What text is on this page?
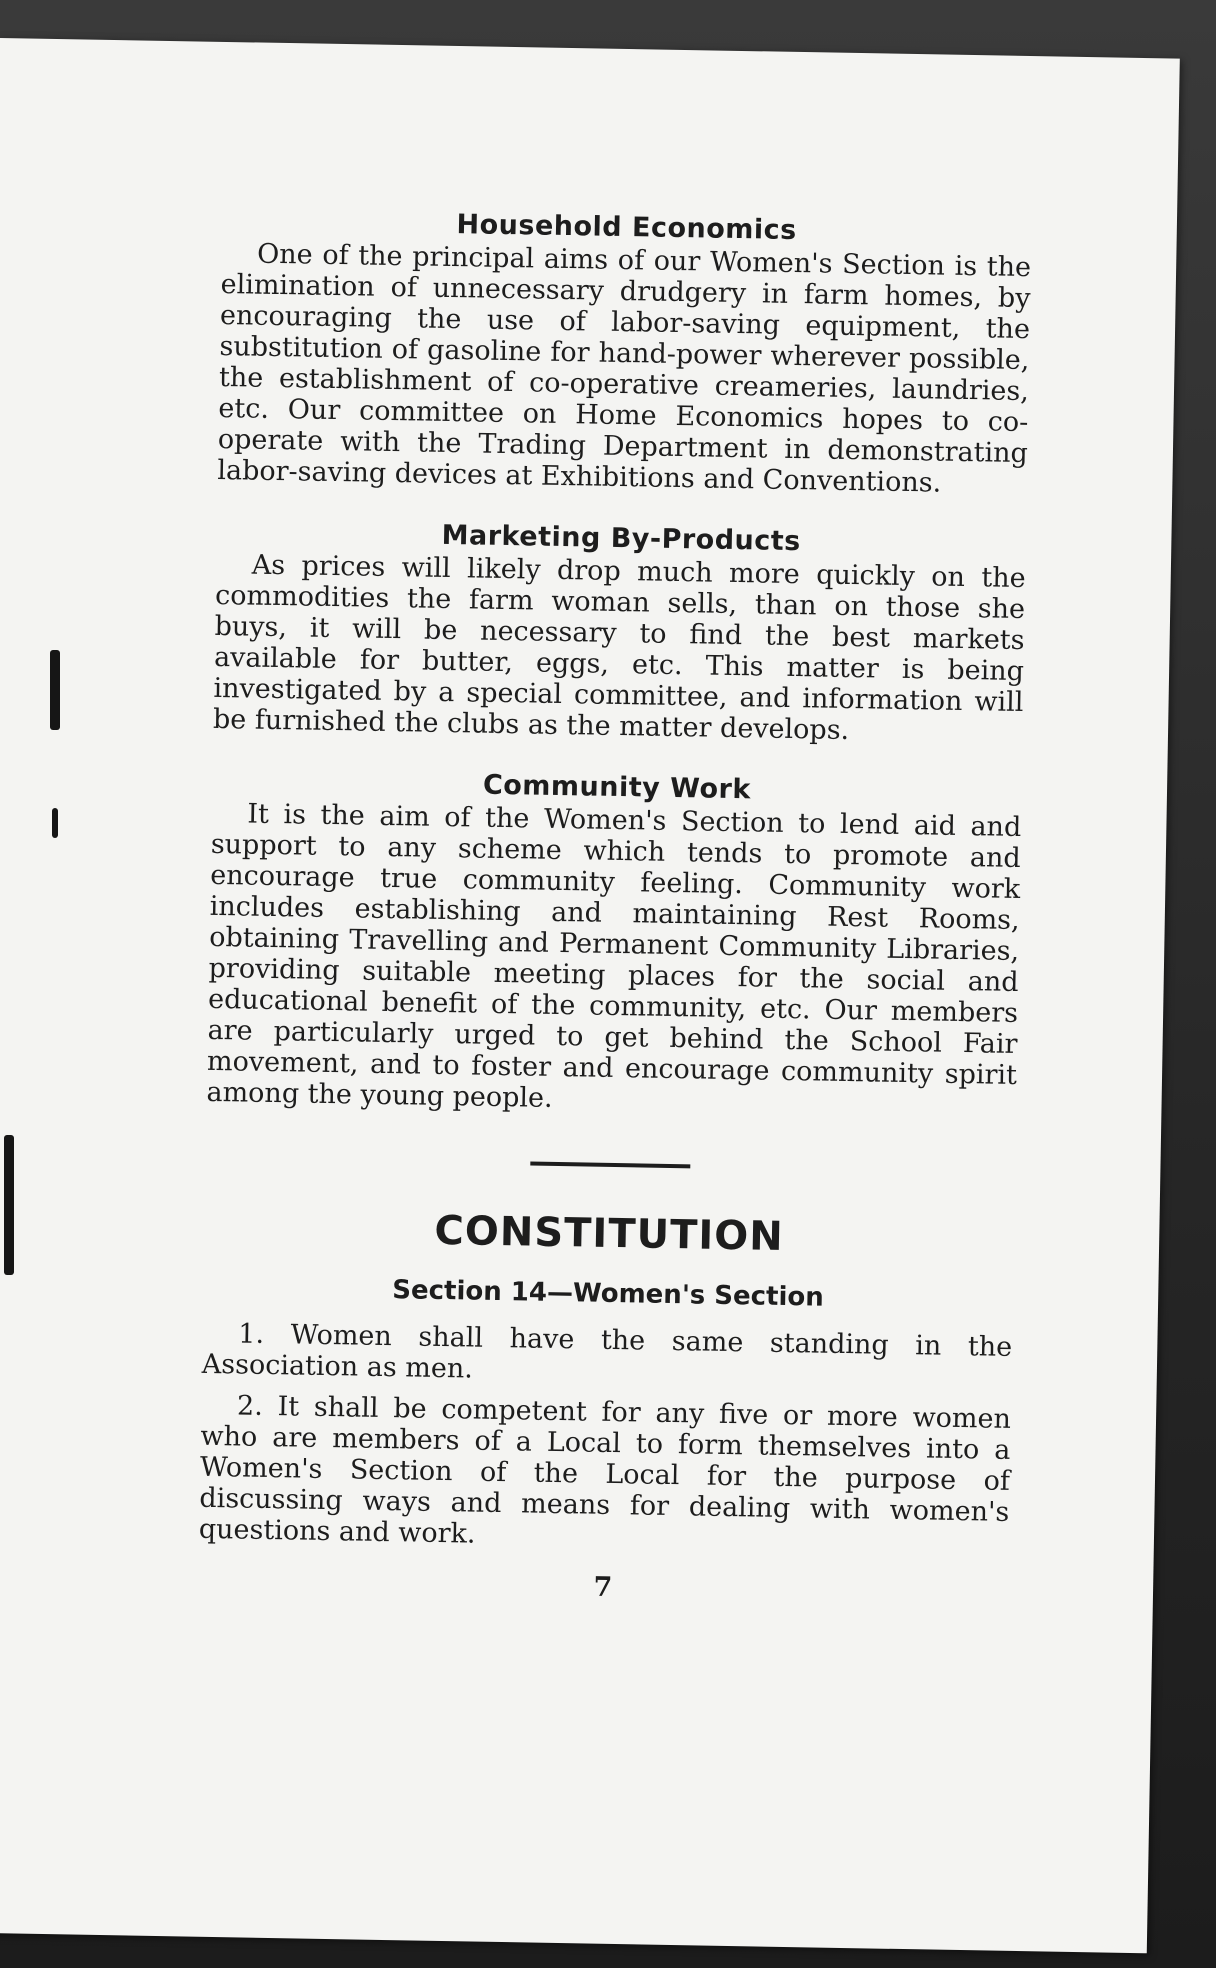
Household Economics

One of the principal aims of our Women's Section is the elimination of unnecessary drudgery in farm homes, by encouraging the use of labor-saving equipment, the substitution of gasoline for hand-power wherever possible, the establishment of co-operative creameries, laundries, etc. Our committee on Home Economics hopes to co-operate with the Trading Department in demonstrating labor-saving devices at Exhibitions and Conventions.

Marketing By-Products

As prices will likely drop much more quickly on the commodities the farm woman sells, than on those she buys, it will be necessary to find the best markets available for butter, eggs, etc. This matter is being investigated by a special committee, and information will be furnished the clubs as the matter develops.

Community Work

It is the aim of the Women's Section to lend aid and support to any scheme which tends to promote and encourage true community feeling. Community work includes establishing and maintaining Rest Rooms, obtaining Travelling and Permanent Community Libraries, providing suitable meeting places for the social and educational benefit of the community, etc. Our members are particularly urged to get behind the School Fair movement, and to foster and encourage community spirit among the young people.

CONSTITUTION
Section 14—Women's Section

1. Women shall have the same standing in the Association as men.

2. It shall be competent for any five or more women who are members of a Local to form themselves into a Women's Section of the Local for the purpose of discussing ways and means for dealing with women's questions and work.

7
